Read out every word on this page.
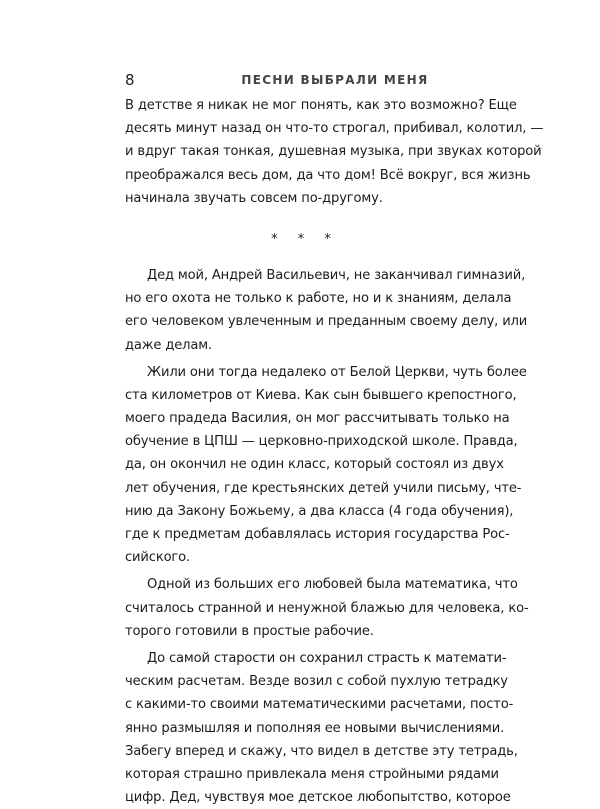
8	ПЕСНИ ВЫБРАЛИ МЕНЯ
В детстве я никак не мог понять, как это возможно? Еще
десять минут назад он что-то строгал, прибивал, колотил, —
и вдруг такая тонкая, душевная музыка, при звуках которой
преображался весь дом, да что дом! Всё вокруг, вся жизнь
начинала звучать совсем по-другому.
* * *
Дед мой, Андрей Васильевич, не заканчивал гимназий,
но его охота не только к работе, но и к знаниям, делала
его человеком увлеченным и преданным своему делу, или
даже делам.
Жили они тогда недалеко от Белой Церкви, чуть более
ста километров от Киева. Как сын бывшего крепостного,
моего прадеда Василия, он мог рассчитывать только на
обучение в ЦПШ — церковно-приходской школе. Правда,
да, он окончил не один класс, который состоял из двух
лет обучения, где крестьянских детей учили письму, чте-
нию да Закону Божьему, а два класса (4 года обучения),
где к предметам добавлялась история государства Рос-
сийского.
Одной из больших его любовей была математика, что
считалось странной и ненужной блажью для человека, ко-
торого готовили в простые рабочие.
До самой старости он сохранил страсть к математи-
ческим расчетам. Везде возил с собой пухлую тетрадку
с какими-то своими математическими расчетами, посто-
янно размышляя и пополняя ее новыми вычислениями.
Забегу вперед и скажу, что видел в детстве эту тетрадь,
которая страшно привлекала меня стройными рядами
цифр. Дед, чувствуя мое детское любопытство, которое
